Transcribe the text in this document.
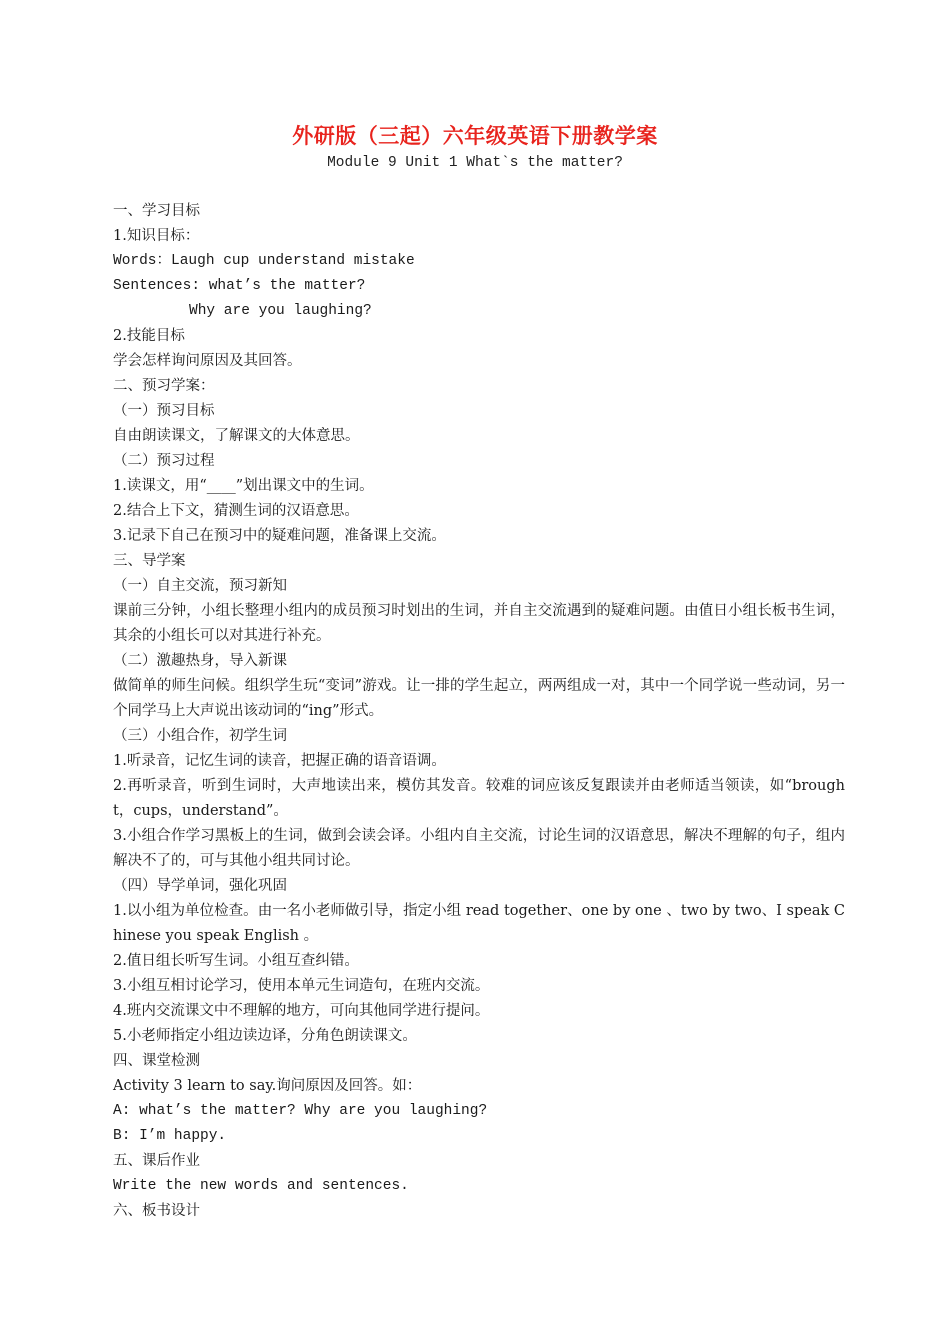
外研版（三起）六年级英语下册教学案
Module 9 Unit 1 What`s the matter?

一、学习目标

1.知识目标：

Words：Laugh cup understand mistake

Sentences: what’s the matter?

Why are you laughing?

2.技能目标

学会怎样询问原因及其回答。

二、预习学案：

（一）预习目标

自由朗读课文，了解课文的大体意思。

（二）预习过程

1.读课文，用“____”划出课文中的生词。

2.结合上下文，猜测生词的汉语意思。

3.记录下自己在预习中的疑难问题，准备课上交流。

三、导学案

（一）自主交流，预习新知

课前三分钟，小组长整理小组内的成员预习时划出的生词，并自主交流遇到的疑难问题。由值日小组长板书生词，其余的小组长可以对其进行补充。

（二）激趣热身，导入新课

做简单的师生问候。组织学生玩“变词”游戏。让一排的学生起立，两两组成一对，其中一个同学说一些动词，另一个同学马上大声说出该动词的“ing”形式。

（三）小组合作，初学生词

1.听录音，记忆生词的读音，把握正确的语音语调。

2.再听录音，听到生词时，大声地读出来，模仿其发音。较难的词应该反复跟读并由老师适当领读，如“brought，cups，understand”。

3.小组合作学习黑板上的生词，做到会读会译。小组内自主交流，讨论生词的汉语意思，解决不理解的句子，组内解决不了的，可与其他小组共同讨论。

（四）导学单词，强化巩固

1.以小组为单位检查。由一名小老师做引导，指定小组 read together、one by one 、two by two、I speak Chinese you speak English 。

2.值日组长听写生词。小组互查纠错。

3.小组互相讨论学习，使用本单元生词造句，在班内交流。

4.班内交流课文中不理解的地方，可向其他同学进行提问。

5.小老师指定小组边读边译，分角色朗读课文。

四、课堂检测

Activity 3 learn to say.询问原因及回答。如：

A: what’s the matter? Why are you laughing?

B: I’m happy.

五、课后作业

Write the new words and sentences.

六、板书设计
